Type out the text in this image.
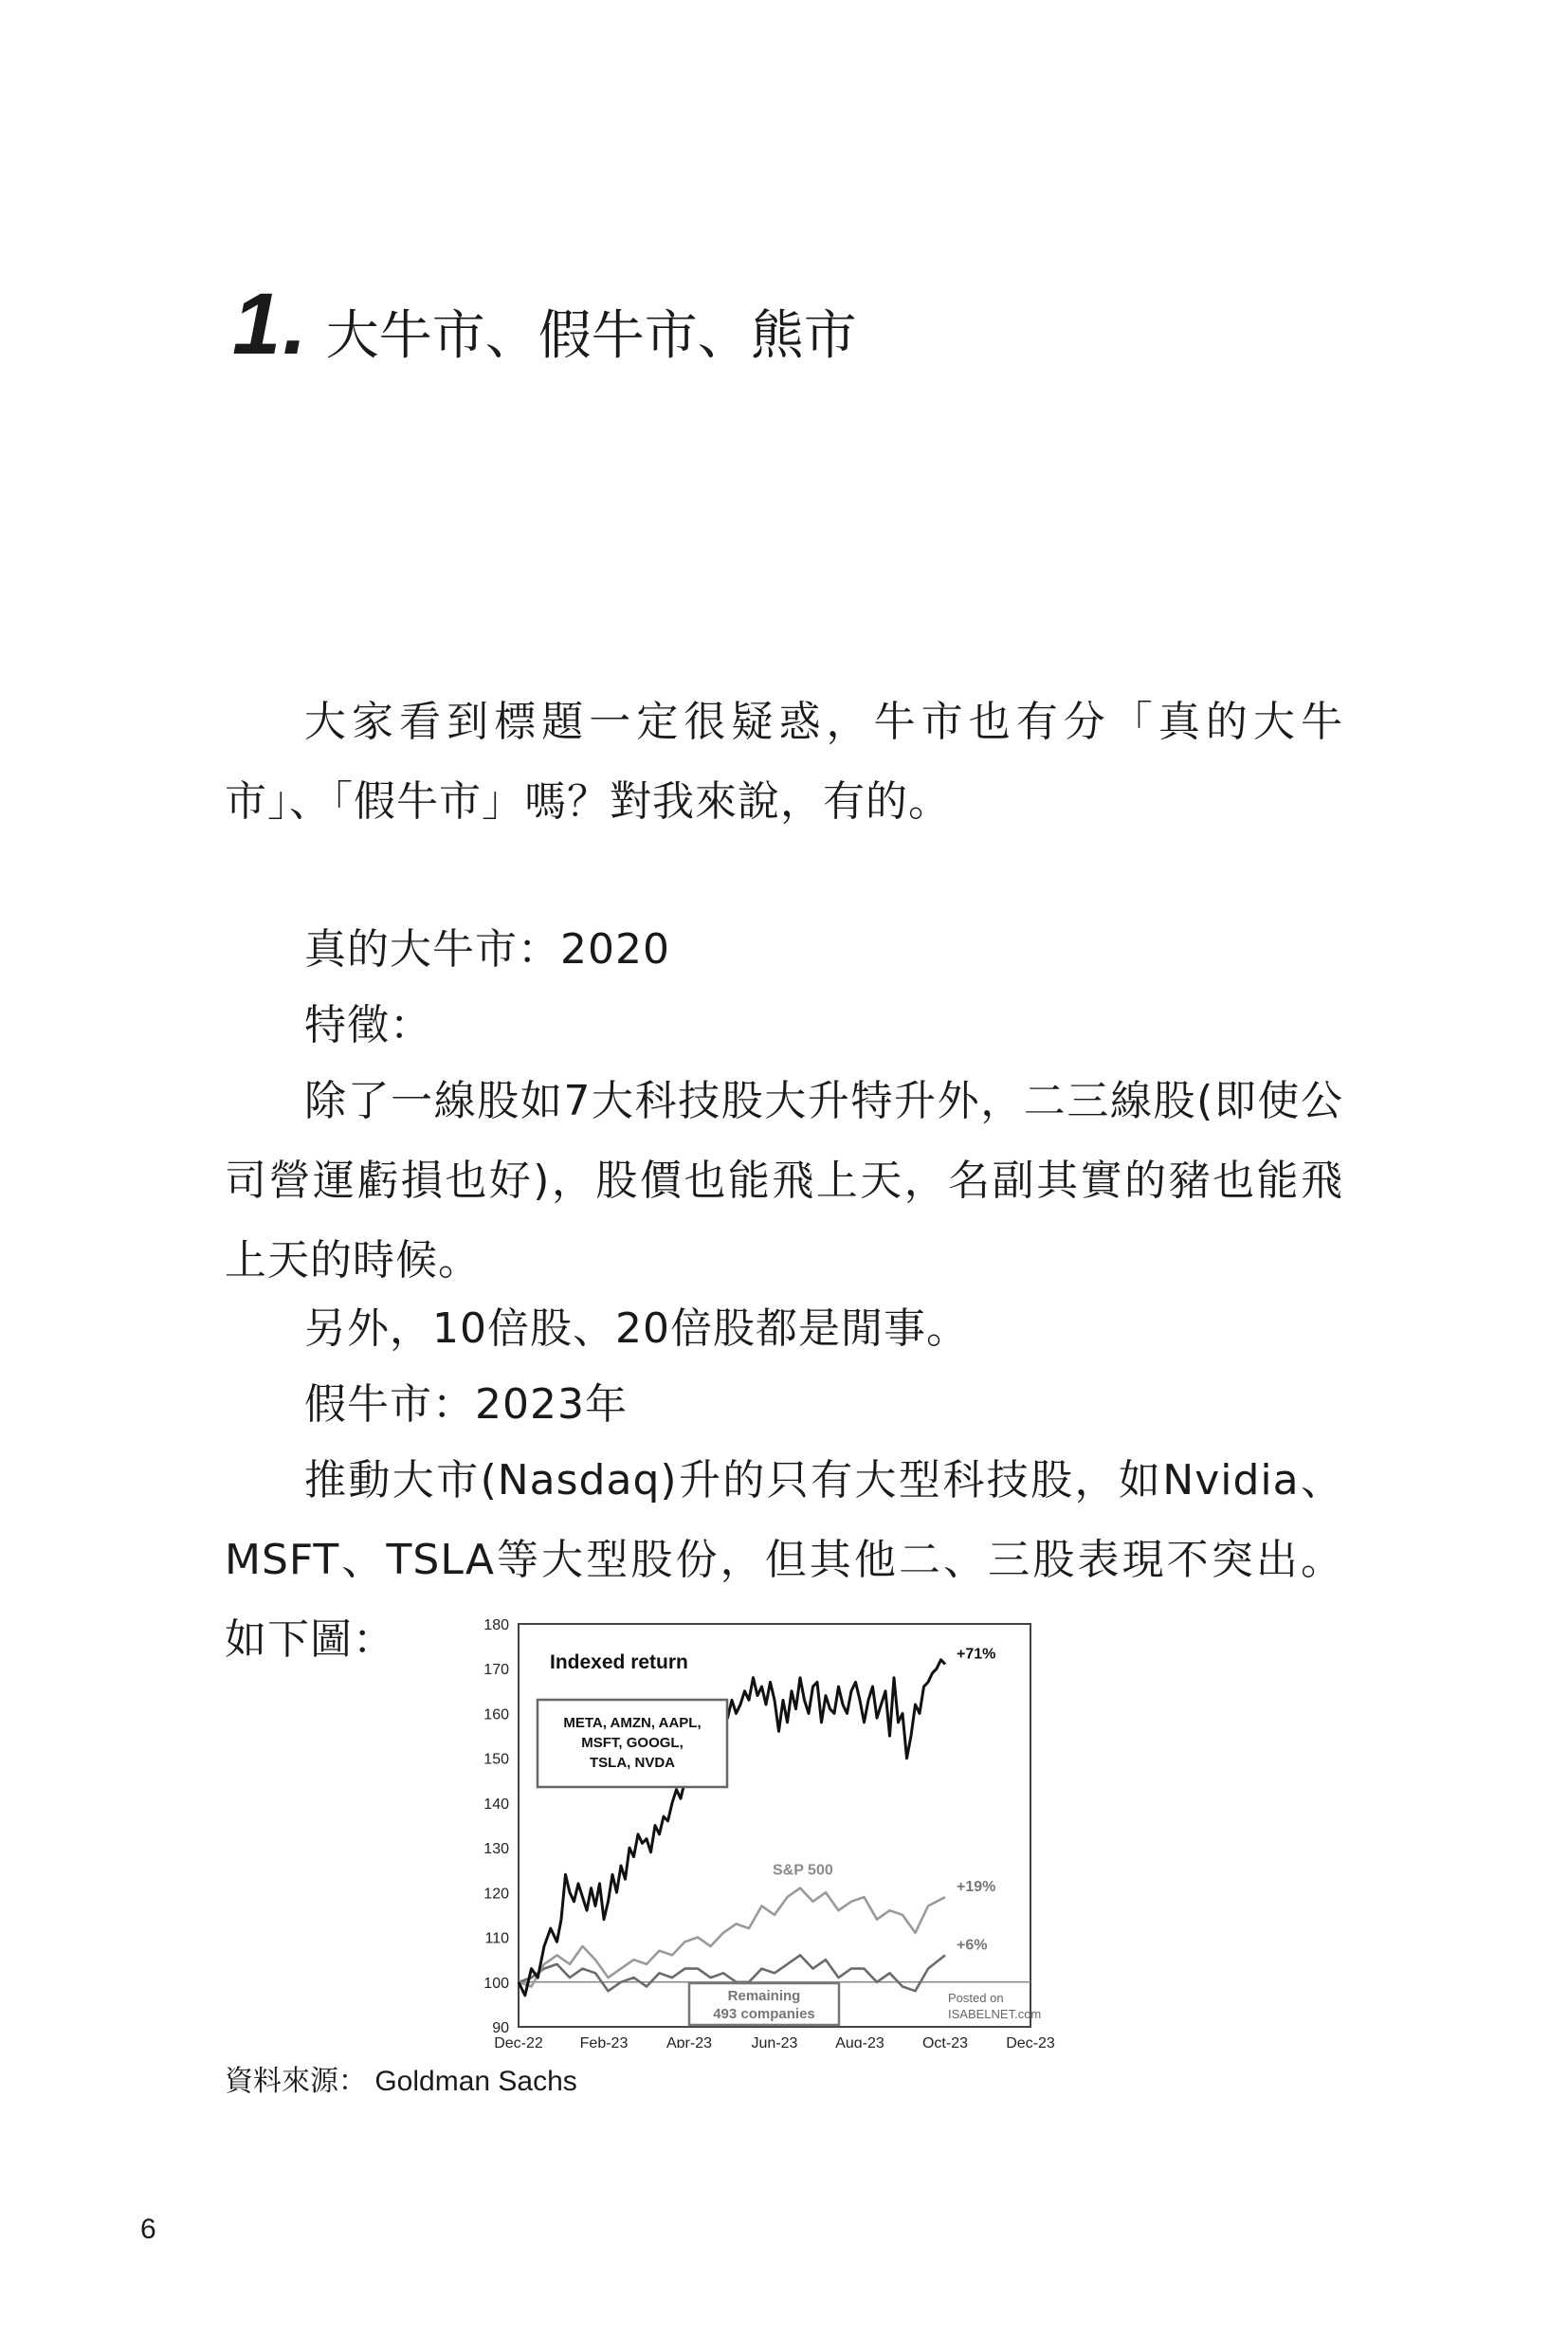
1. 大牛市、假牛市、熊市

大家看到標題一定很疑惑，牛市也有分「真的大牛市」、「假牛市」嗎？對我來說，有的。

真的大牛市：2020

特徵：

除了一線股如7大科技股大升特升外，二三線股(即使公司營運虧損也好)，股價也能飛上天，名副其實的豬也能飛上天的時候。

另外，10倍股、20倍股都是閒事。

假牛市：2023年

推動大市(Nasdaq)升的只有大型科技股，如Nvidia、MSFT、TSLA等大型股份，但其他二、三股表現不突出。如下圖：	180
170
160
150
140
130
120
110
100
90
Dec-22 Feb-23	Apr-23	Jun-23 Aug-23	Oct-23	Dec-23
Indexed return
META, AMZN, AAPL, MSFT, GOOGL, TSLA, NVDA
S&P 500
Remaining 493 companies
Posted on ISABELNET.com
+71%
+19%
+6%
資料來源： Goldman Sachs
6
